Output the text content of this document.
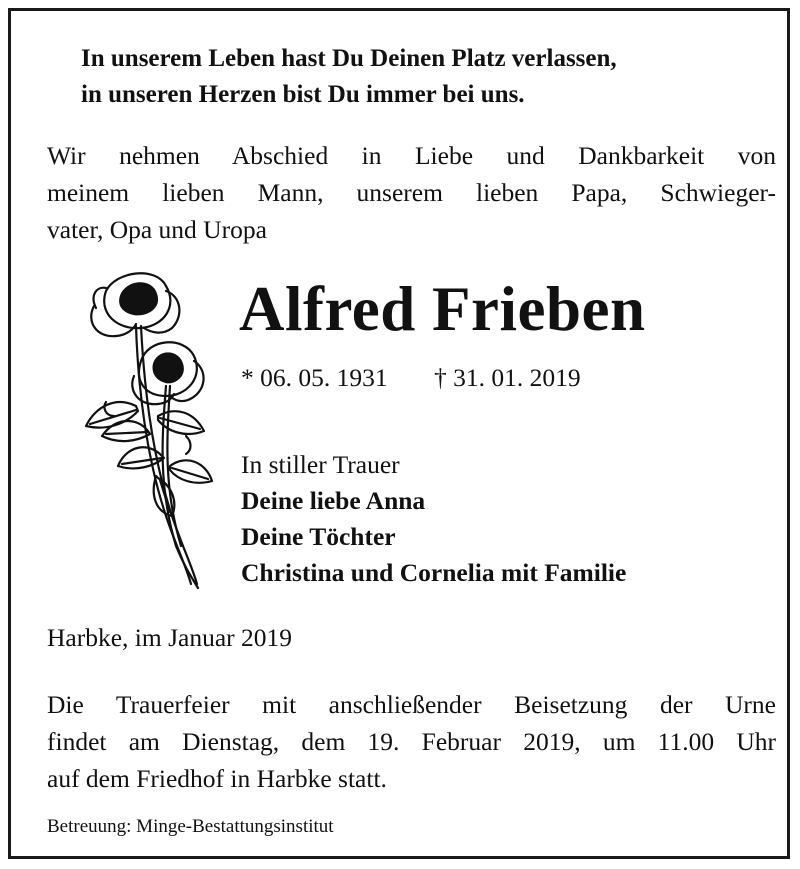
In unserem Leben hast Du Deinen Platz verlassen,
in unseren Herzen bist Du immer bei uns.
Wir nehmen Abschied in Liebe und Dankbarkeit von
meinem lieben Mann, unserem lieben Papa, Schwieger-
vater, Opa und Uropa
Alfred Frieben
* 06. 05. 1931 † 31. 01. 2019
In stiller Trauer
Deine liebe Anna
Deine Töchter
Christina und Cornelia mit Familie
Harbke, im Januar 2019
Die Trauerfeier mit anschließender Beisetzung der Urne
findet am Dienstag, dem 19. Februar 2019, um 11.00 Uhr
auf dem Friedhof in Harbke statt.
Betreuung: Minge-Bestattungsinstitut
